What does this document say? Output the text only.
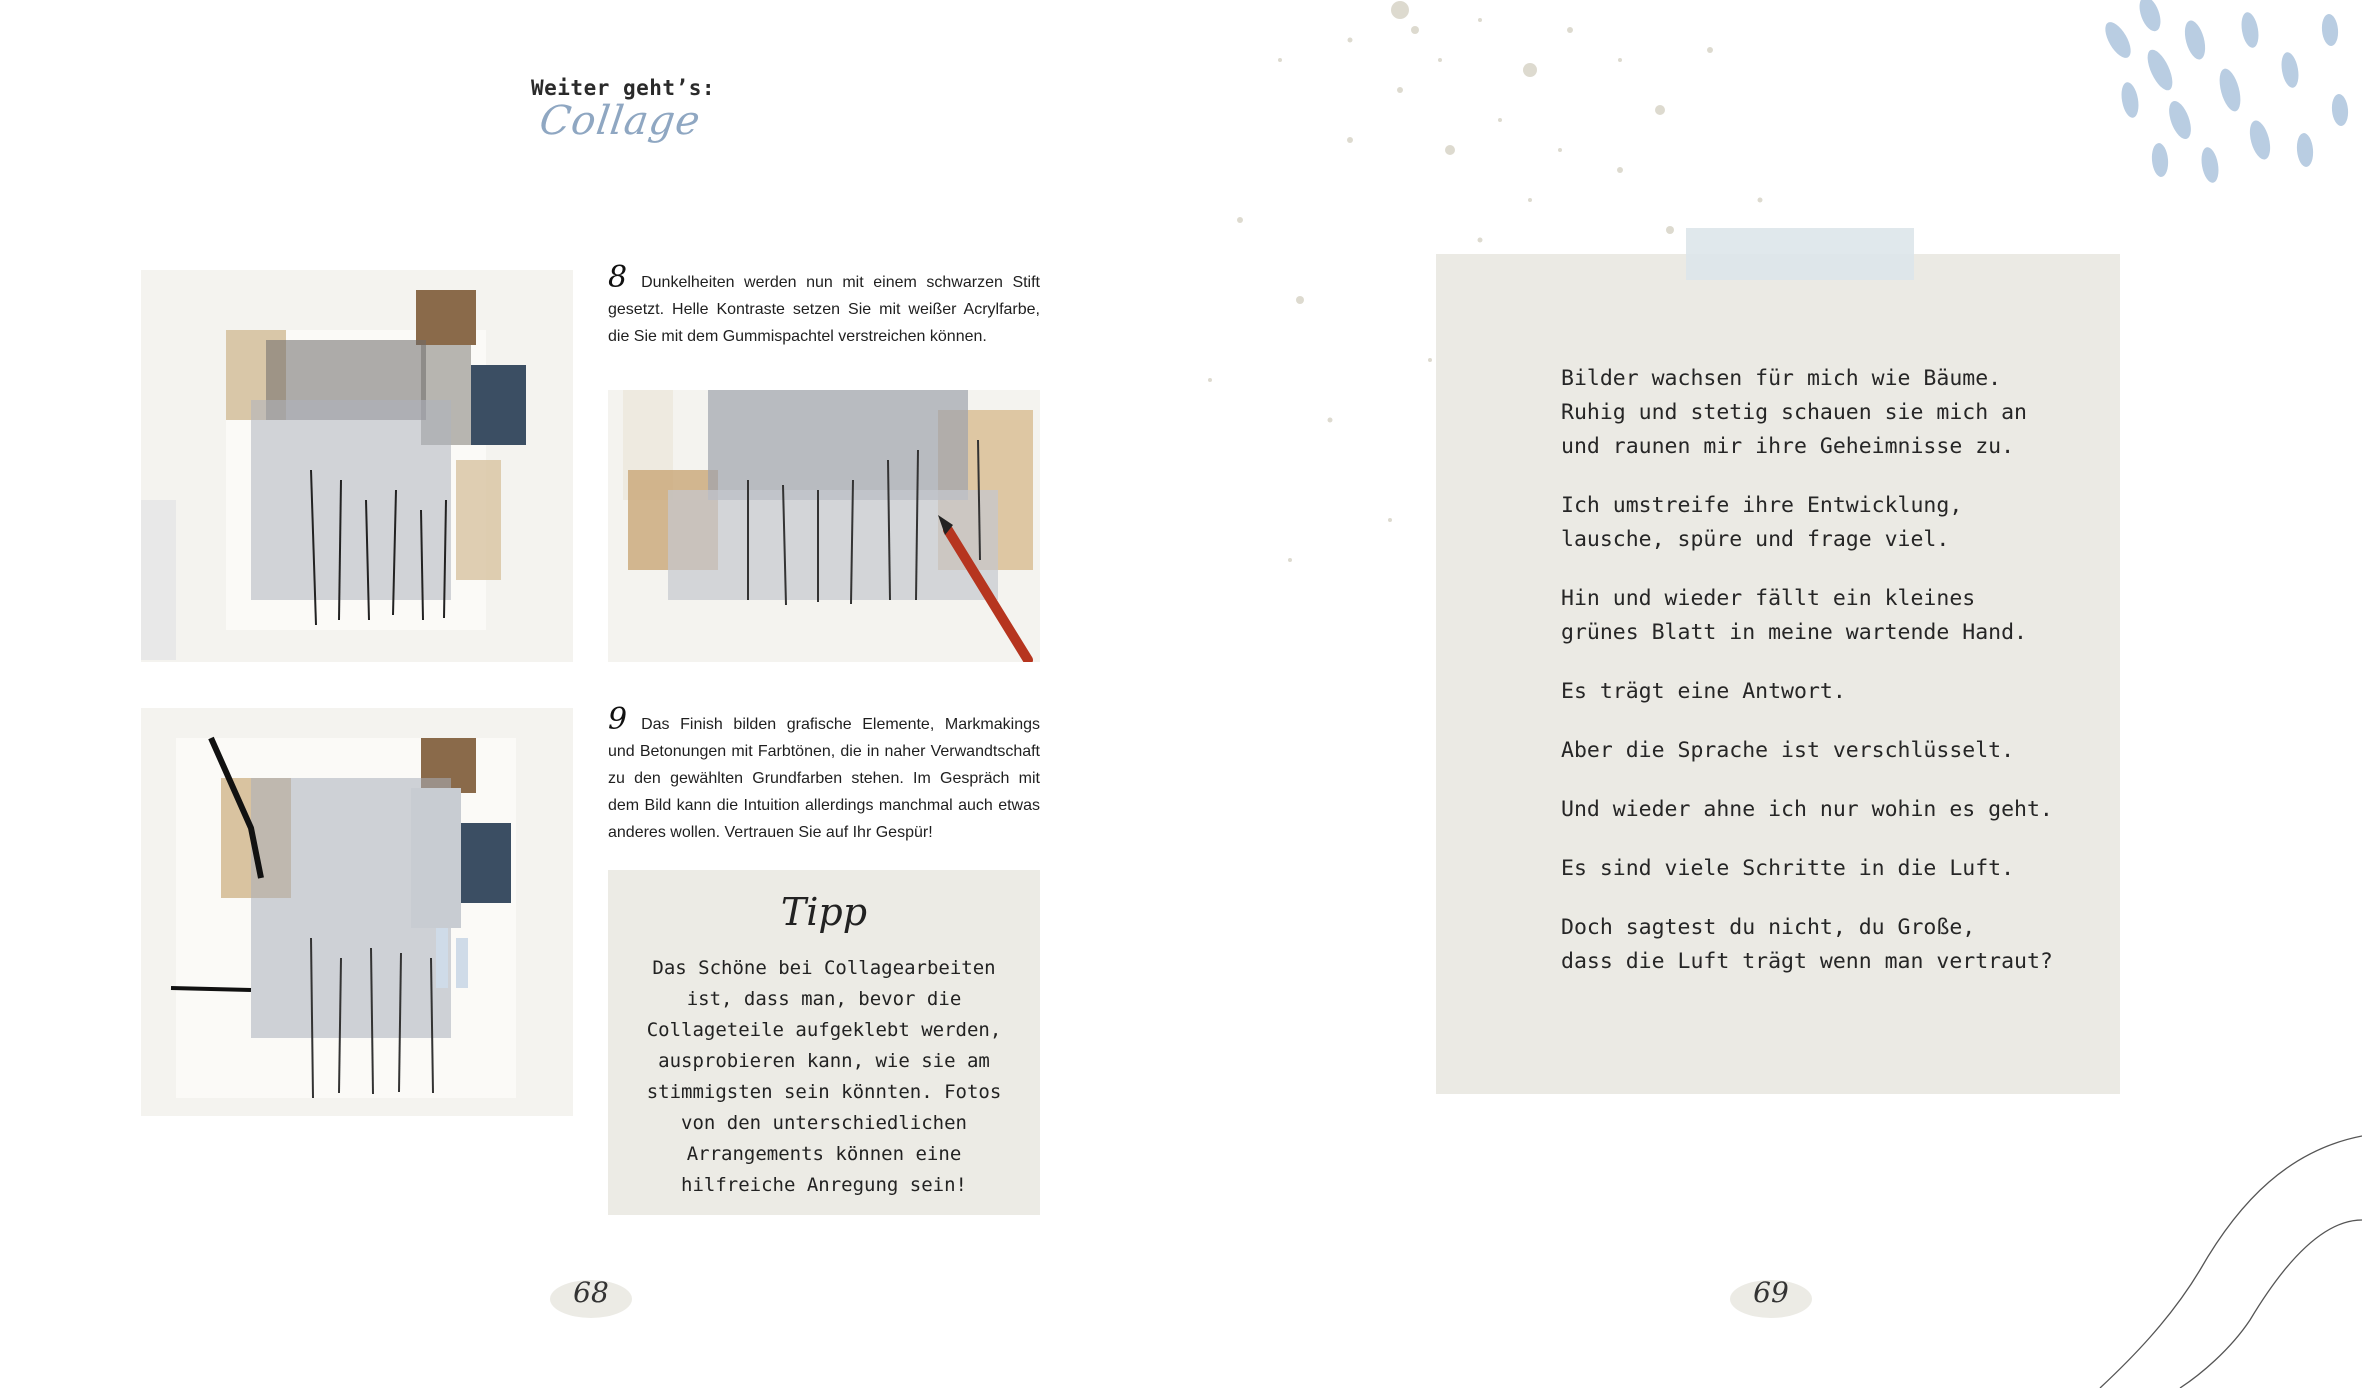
Weiter geht’s:
Collage
8 Dunkelheiten werden nun mit einem schwarzen Stift gesetzt. Helle Kontraste setzen Sie mit weißer Acrylfarbe, die Sie mit dem Gummispachtel verstreichen können.
9 Das Finish bilden grafische Elemente, Markmakings und Betonungen mit Farbtönen, die in naher Verwandtschaft zu den gewählten Grundfarben stehen. Im Gespräch mit dem Bild kann die Intuition allerdings manchmal auch etwas anderes wollen. Vertrauen Sie auf Ihr Gespür!
Tipp
Das Schöne bei Collagearbeiten ist, dass man, bevor die Collageteile aufgeklebt werden, ausprobieren kann, wie sie am stimmigsten sein könnten. Fotos von den unterschiedlichen Arrangements können eine hilfreiche Anregung sein!
68

Bilder wachsen für mich wie Bäume.
Ruhig und stetig schauen sie mich an
und raunen mir ihre Geheimnisse zu.

Ich umstreife ihre Entwicklung,
lausche, spüre und frage viel.

Hin und wieder fällt ein kleines
grünes Blatt in meine wartende Hand.

Es trägt eine Antwort.

Aber die Sprache ist verschlüsselt.

Und wieder ahne ich nur wohin es geht.

Es sind viele Schritte in die Luft.

Doch sagtest du nicht, du Große,
dass die Luft trägt wenn man vertraut?

69
